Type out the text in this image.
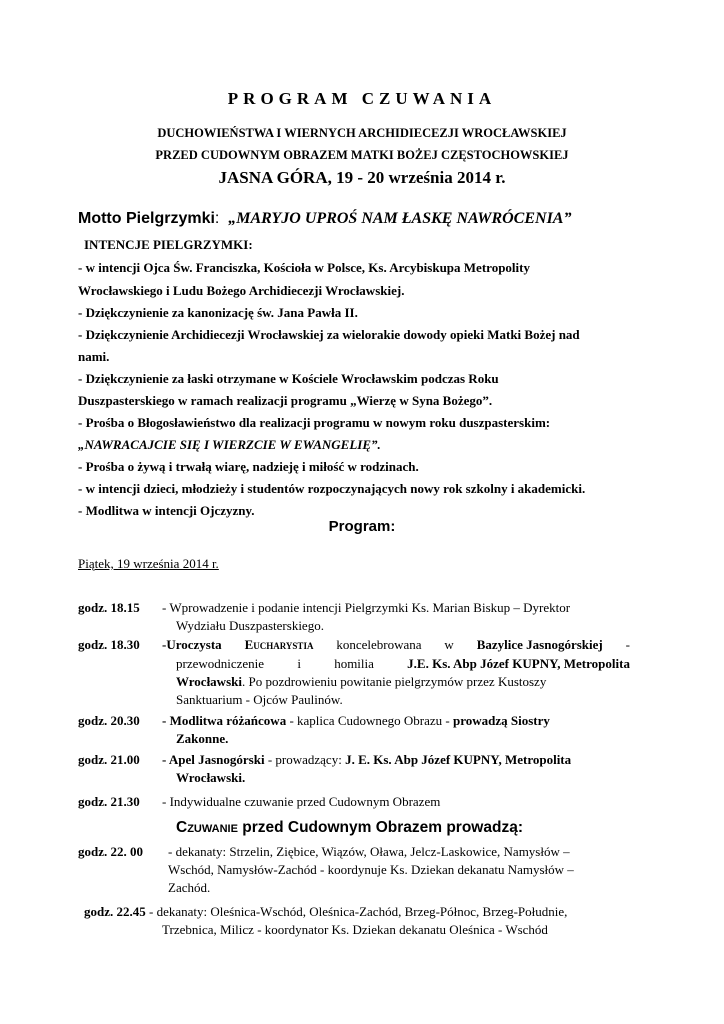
PROGRAM CZUWANIA
DUCHOWIEŃSTWA I WIERNYCH ARCHIDIECEZJI WROCŁAWSKIEJ
PRZED CUDOWNYM OBRAZEM MATKI BOŻEJ CZĘSTOCHOWSKIEJ
JASNA GÓRA, 19 - 20 września 2014 r.
Motto Pielgrzymki:  „MARYJO UPROŚ NAM ŁASKĘ NAWRÓCENIA”
INTENCJE PIELGRZYMKI:
- w intencji Ojca Św. Franciszka, Kościoła w Polsce, Ks. Arcybiskupa Metropolity
Wrocławskiego i Ludu Bożego Archidiecezji Wrocławskiej.
- Dziękczynienie za kanonizację św. Jana Pawła II.
- Dziękczynienie Archidiecezji Wrocławskiej za wielorakie dowody opieki Matki Bożej nad
nami.
- Dziękczynienie za łaski otrzymane w Kościele Wrocławskim podczas Roku
Duszpasterskiego w ramach realizacji programu „Wierzę w Syna Bożego”.
- Prośba o Błogosławieństwo dla realizacji programu w nowym roku duszpasterskim:
„NAWRACAJCIE SIĘ I WIERZCIE W EWANGELIĘ”.
- Prośba o żywą i trwałą wiarę, nadzieję i miłość w rodzinach.
- w intencji dzieci, młodzieży i studentów rozpoczynających nowy rok szkolny i akademicki.
- Modlitwa w intencji Ojczyzny.
Program:
Piątek, 19 września 2014 r.
godz. 18.15 - Wprowadzenie i podanie intencji Pielgrzymki Ks. Marian Biskup – Dyrektor
Wydziału Duszpasterskiego.
godz. 18.30 -Uroczysta Eucharystia koncelebrowana w Bazylice Jasnogórskiej -
przewodniczenie	i	homilia	J.E. Ks. Abp Józef KUPNY, Metropolita
Wrocławski. Po pozdrowieniu powitanie pielgrzymów przez Kustoszy
Sanktuarium - Ojców Paulinów.
godz. 20.30 - Modlitwa różańcowa - kaplica Cudownego Obrazu - prowadzą Siostry
Zakonne.
godz. 21.00 - Apel Jasnogórski - prowadzący: J. E. Ks. Abp Józef KUPNY, Metropolita
Wrocławski.
godz. 21.30 - Indywidualne czuwanie przed Cudownym Obrazem
Czuwanie przed Cudownym Obrazem prowadzą:
godz. 22. 00 - dekanaty: Strzelin, Ziębice, Wiązów, Oława, Jelcz-Laskowice, Namysłów –
Wschód, Namysłów-Zachód - koordynuje Ks. Dziekan dekanatu Namysłów –
Zachód.
godz. 22.45 - dekanaty: Oleśnica-Wschód, Oleśnica-Zachód, Brzeg-Północ, Brzeg-Południe,
Trzebnica, Milicz - koordynator Ks. Dziekan dekanatu Oleśnica - Wschód
